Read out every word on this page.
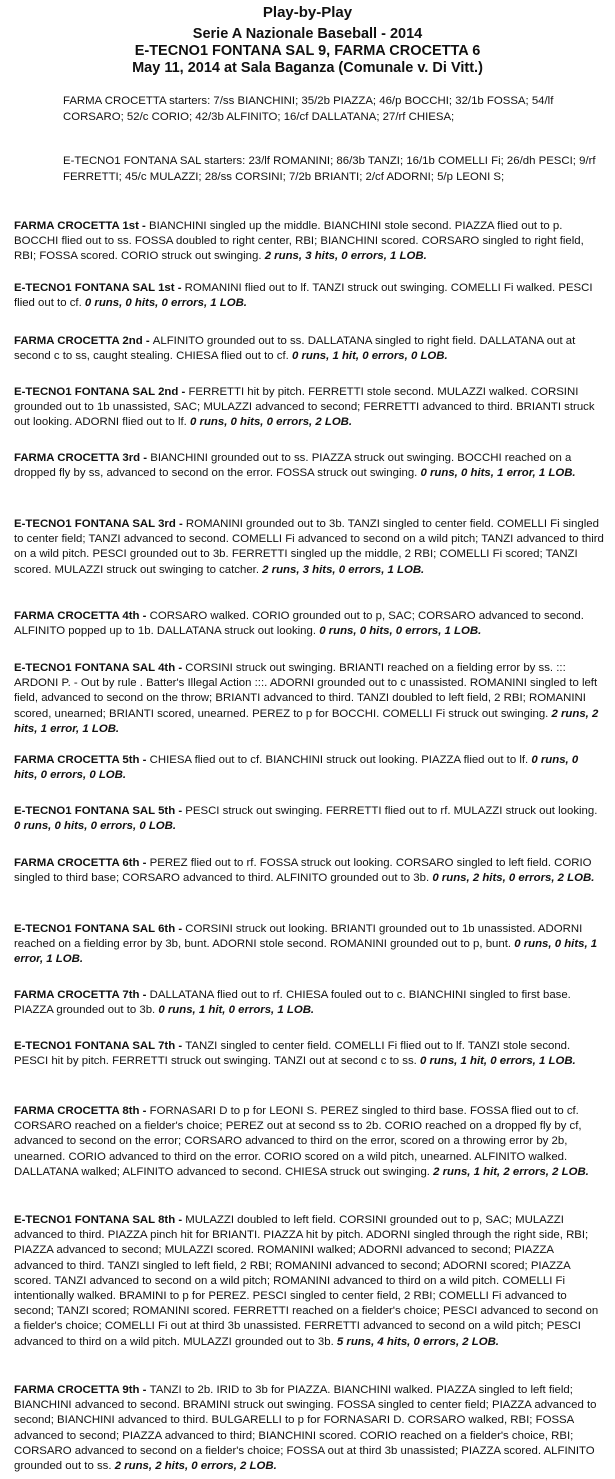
Play-by-Play
Serie A Nazionale Baseball - 2014
E-TECNO1 FONTANA SAL 9, FARMA CROCETTA 6
May 11, 2014 at Sala Baganza (Comunale v. Di Vitt.)
FARMA CROCETTA starters: 7/ss BIANCHINI; 35/2b PIAZZA; 46/p BOCCHI; 32/1b FOSSA; 54/lf CORSARO; 52/c CORIO; 42/3b ALFINITO; 16/cf DALLATANA; 27/rf CHIESA;
E-TECNO1 FONTANA SAL starters: 23/lf ROMANINI; 86/3b TANZI; 16/1b COMELLI Fi; 26/dh PESCI; 9/rf FERRETTI; 45/c MULAZZI; 28/ss CORSINI; 7/2b BRIANTI; 2/cf ADORNI; 5/p LEONI S;
FARMA CROCETTA 1st - BIANCHINI singled up the middle. BIANCHINI stole second. PIAZZA flied out to p. BOCCHI flied out to ss. FOSSA doubled to right center, RBI; BIANCHINI scored. CORSARO singled to right field, RBI; FOSSA scored. CORIO struck out swinging. 2 runs, 3 hits, 0 errors, 1 LOB.
E-TECNO1 FONTANA SAL 1st - ROMANINI flied out to lf. TANZI struck out swinging. COMELLI Fi walked. PESCI flied out to cf. 0 runs, 0 hits, 0 errors, 1 LOB.
FARMA CROCETTA 2nd - ALFINITO grounded out to ss. DALLATANA singled to right field. DALLATANA out at second c to ss, caught stealing. CHIESA flied out to cf. 0 runs, 1 hit, 0 errors, 0 LOB.
E-TECNO1 FONTANA SAL 2nd - FERRETTI hit by pitch. FERRETTI stole second. MULAZZI walked. CORSINI grounded out to 1b unassisted, SAC; MULAZZI advanced to second; FERRETTI advanced to third. BRIANTI struck out looking. ADORNI flied out to lf. 0 runs, 0 hits, 0 errors, 2 LOB.
FARMA CROCETTA 3rd - BIANCHINI grounded out to ss. PIAZZA struck out swinging. BOCCHI reached on a dropped fly by ss, advanced to second on the error. FOSSA struck out swinging. 0 runs, 0 hits, 1 error, 1 LOB.
E-TECNO1 FONTANA SAL 3rd - ROMANINI grounded out to 3b. TANZI singled to center field. COMELLI Fi singled to center field; TANZI advanced to second. COMELLI Fi advanced to second on a wild pitch; TANZI advanced to third on a wild pitch. PESCI grounded out to 3b. FERRETTI singled up the middle, 2 RBI; COMELLI Fi scored; TANZI scored. MULAZZI struck out swinging to catcher. 2 runs, 3 hits, 0 errors, 1 LOB.
FARMA CROCETTA 4th - CORSARO walked. CORIO grounded out to p, SAC; CORSARO advanced to second. ALFINITO popped up to 1b. DALLATANA struck out looking. 0 runs, 0 hits, 0 errors, 1 LOB.
E-TECNO1 FONTANA SAL 4th - CORSINI struck out swinging. BRIANTI reached on a fielding error by ss. ::: ARDONI P. - Out by rule . Batter's Illegal Action :::. ADORNI grounded out to c unassisted. ROMANINI singled to left field, advanced to second on the throw; BRIANTI advanced to third. TANZI doubled to left field, 2 RBI; ROMANINI scored, unearned; BRIANTI scored, unearned. PEREZ to p for BOCCHI. COMELLI Fi struck out swinging. 2 runs, 2 hits, 1 error, 1 LOB.
FARMA CROCETTA 5th - CHIESA flied out to cf. BIANCHINI struck out looking. PIAZZA flied out to lf. 0 runs, 0 hits, 0 errors, 0 LOB.
E-TECNO1 FONTANA SAL 5th - PESCI struck out swinging. FERRETTI flied out to rf. MULAZZI struck out looking. 0 runs, 0 hits, 0 errors, 0 LOB.
FARMA CROCETTA 6th - PEREZ flied out to rf. FOSSA struck out looking. CORSARO singled to left field. CORIO singled to third base; CORSARO advanced to third. ALFINITO grounded out to 3b. 0 runs, 2 hits, 0 errors, 2 LOB.
E-TECNO1 FONTANA SAL 6th - CORSINI struck out looking. BRIANTI grounded out to 1b unassisted. ADORNI reached on a fielding error by 3b, bunt. ADORNI stole second. ROMANINI grounded out to p, bunt. 0 runs, 0 hits, 1 error, 1 LOB.
FARMA CROCETTA 7th - DALLATANA flied out to rf. CHIESA fouled out to c. BIANCHINI singled to first base. PIAZZA grounded out to 3b. 0 runs, 1 hit, 0 errors, 1 LOB.
E-TECNO1 FONTANA SAL 7th - TANZI singled to center field. COMELLI Fi flied out to lf. TANZI stole second. PESCI hit by pitch. FERRETTI struck out swinging. TANZI out at second c to ss. 0 runs, 1 hit, 0 errors, 1 LOB.
FARMA CROCETTA 8th - FORNASARI D to p for LEONI S. PEREZ singled to third base. FOSSA flied out to cf. CORSARO reached on a fielder's choice; PEREZ out at second ss to 2b. CORIO reached on a dropped fly by cf, advanced to second on the error; CORSARO advanced to third on the error, scored on a throwing error by 2b, unearned. CORIO advanced to third on the error. CORIO scored on a wild pitch, unearned. ALFINITO walked. DALLATANA walked; ALFINITO advanced to second. CHIESA struck out swinging. 2 runs, 1 hit, 2 errors, 2 LOB.
E-TECNO1 FONTANA SAL 8th - MULAZZI doubled to left field. CORSINI grounded out to p, SAC; MULAZZI advanced to third. PIAZZA pinch hit for BRIANTI. PIAZZA hit by pitch. ADORNI singled through the right side, RBI; PIAZZA advanced to second; MULAZZI scored. ROMANINI walked; ADORNI advanced to second; PIAZZA advanced to third. TANZI singled to left field, 2 RBI; ROMANINI advanced to second; ADORNI scored; PIAZZA scored. TANZI advanced to second on a wild pitch; ROMANINI advanced to third on a wild pitch. COMELLI Fi intentionally walked. BRAMINI to p for PEREZ. PESCI singled to center field, 2 RBI; COMELLI Fi advanced to second; TANZI scored; ROMANINI scored. FERRETTI reached on a fielder's choice; PESCI advanced to second on a fielder's choice; COMELLI Fi out at third 3b unassisted. FERRETTI advanced to second on a wild pitch; PESCI advanced to third on a wild pitch. MULAZZI grounded out to 3b. 5 runs, 4 hits, 0 errors, 2 LOB.
FARMA CROCETTA 9th - TANZI to 2b. IRID to 3b for PIAZZA. BIANCHINI walked. PIAZZA singled to left field; BIANCHINI advanced to second. BRAMINI struck out swinging. FOSSA singled to center field; PIAZZA advanced to second; BIANCHINI advanced to third. BULGARELLI to p for FORNASARI D. CORSARO walked, RBI; FOSSA advanced to second; PIAZZA advanced to third; BIANCHINI scored. CORIO reached on a fielder's choice, RBI; CORSARO advanced to second on a fielder's choice; FOSSA out at third 3b unassisted; PIAZZA scored. ALFINITO grounded out to ss. 2 runs, 2 hits, 0 errors, 2 LOB.
